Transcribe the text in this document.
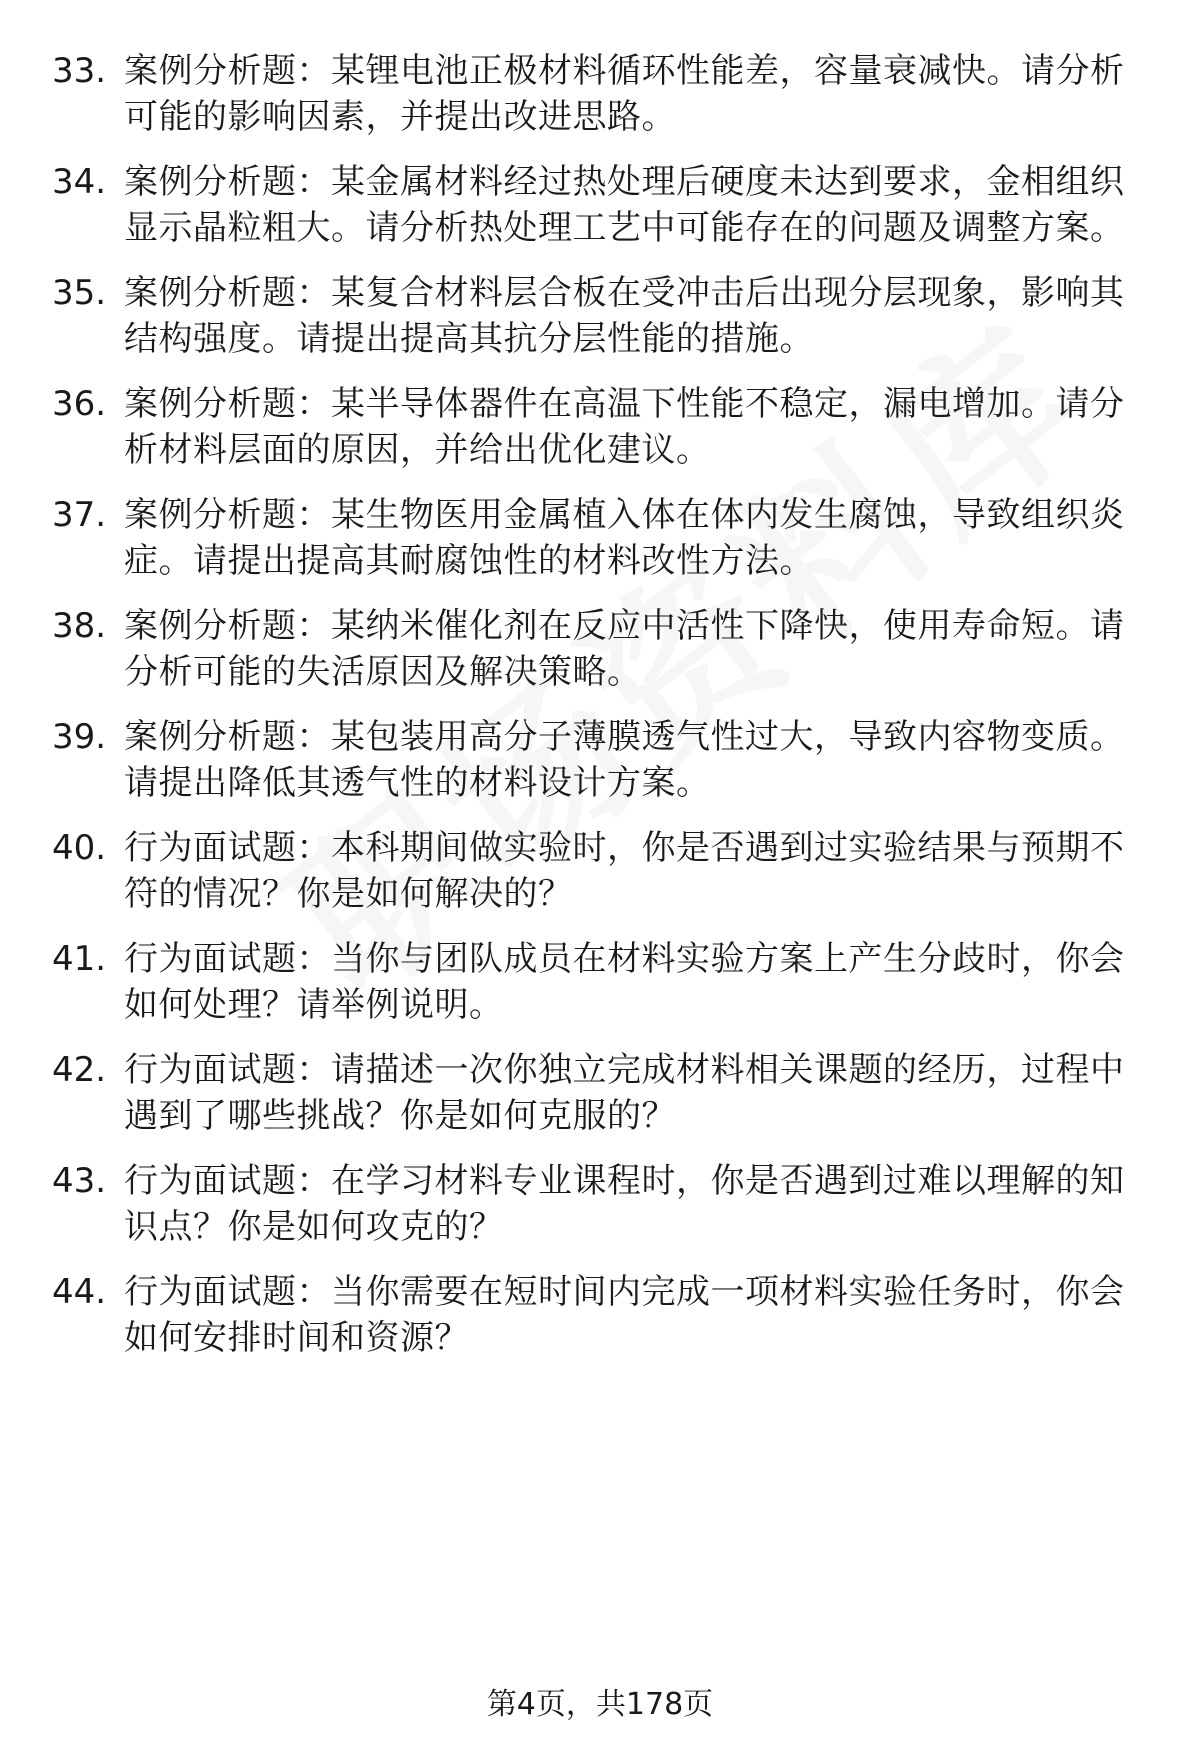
33. 案例分析题：某锂电池正极材料循环性能差，容量衰减快。请分析可能的影响因素，并提出改进思路。
34. 案例分析题：某金属材料经过热处理后硬度未达到要求，金相组织显示晶粒粗大。请分析热处理工艺中可能存在的问题及调整方案。
35. 案例分析题：某复合材料层合板在受冲击后出现分层现象，影响其结构强度。请提出提高其抗分层性能的措施。
36. 案例分析题：某半导体器件在高温下性能不稳定，漏电增加。请分析材料层面的原因，并给出优化建议。
37. 案例分析题：某生物医用金属植入体在体内发生腐蚀，导致组织炎症。请提出提高其耐腐蚀性的材料改性方法。
38. 案例分析题：某纳米催化剂在反应中活性下降快，使用寿命短。请分析可能的失活原因及解决策略。
39. 案例分析题：某包装用高分子薄膜透气性过大，导致内容物变质。请提出降低其透气性的材料设计方案。
40. 行为面试题：本科期间做实验时，你是否遇到过实验结果与预期不符的情况？你是如何解决的？
41. 行为面试题：当你与团队成员在材料实验方案上产生分歧时，你会如何处理？请举例说明。
42. 行为面试题：请描述一次你独立完成材料相关课题的经历，过程中遇到了哪些挑战？你是如何克服的？
43. 行为面试题：在学习材料专业课程时，你是否遇到过难以理解的知识点？你是如何攻克的？
44. 行为面试题：当你需要在短时间内完成一项材料实验任务时，你会如何安排时间和资源？
第4页，共178页
